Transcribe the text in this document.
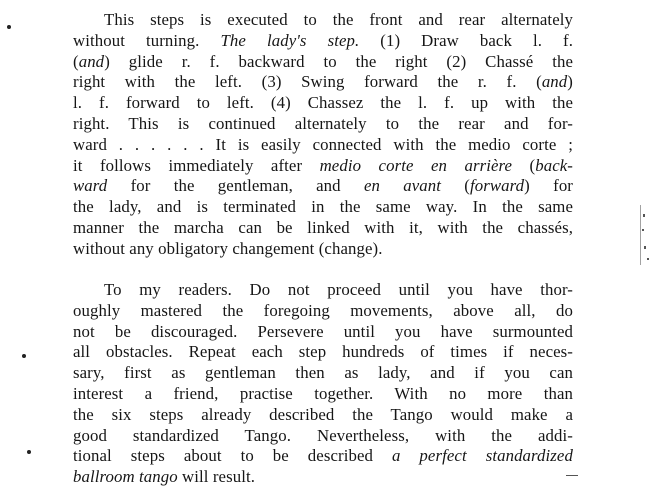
This steps is executed to the front and rear alternately
without turning. The lady's step. (1) Draw back l. f.
(and) glide r. f. backward to the right (2) Chassé the
right with the left. (3) Swing forward the r. f. (and)
l. f. forward to left. (4) Chassez the l. f. up with the
right. This is continued alternately to the rear and for-
ward . . . . . . It is easily connected with the medio corte ;
it follows immediately after medio corte en arrière (back-
ward for the gentleman, and en avant (forward) for
the lady, and is terminated in the same way. In the same
manner the marcha can be linked with it, with the chassés,
without any obligatory changement (change).
To my readers. Do not proceed until you have thor-
oughly mastered the foregoing movements, above all, do
not be discouraged. Persevere until you have surmounted
all obstacles. Repeat each step hundreds of times if neces-
sary, first as gentleman then as lady, and if you can
interest a friend, practise together. With no more than
the six steps already described the Tango would make a
good standardized Tango. Nevertheless, with the addi-
tional steps about to be described a perfect standardized
ballroom tango will result.
